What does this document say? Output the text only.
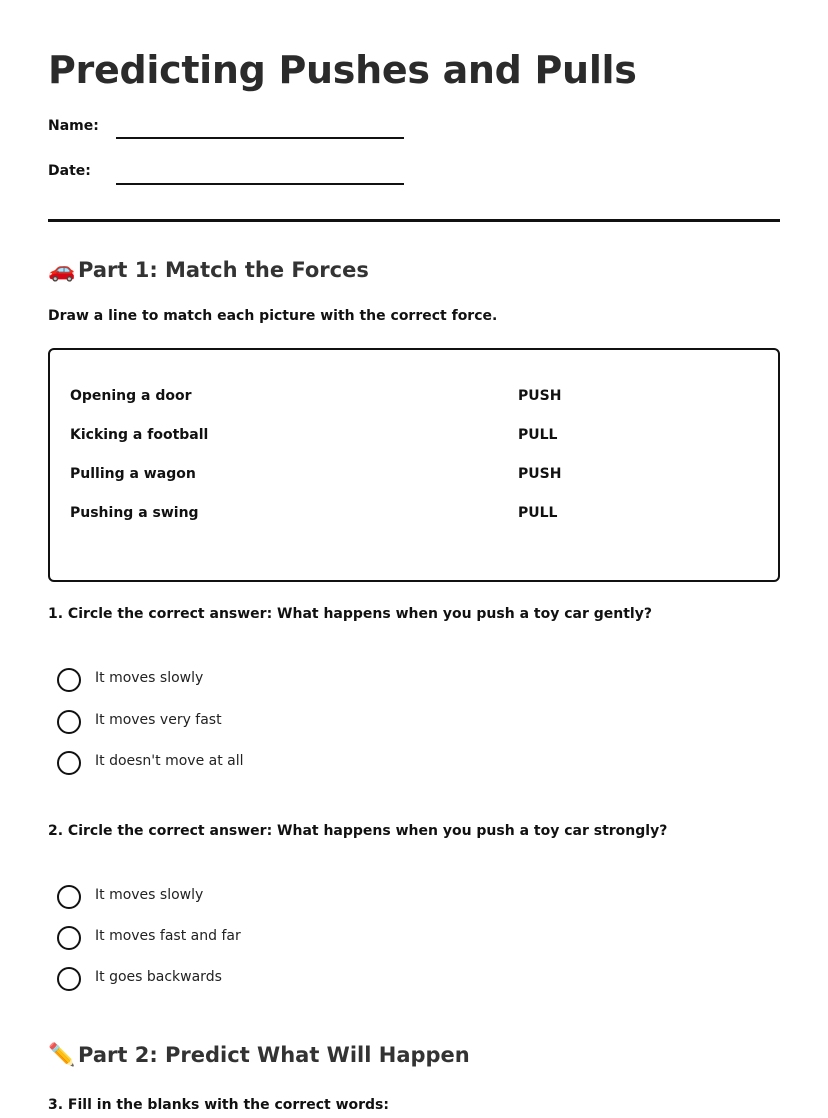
Predicting Pushes and Pulls
Name:
Date:
🚗 Part 1: Match the Forces
Draw a line to match each picture with the correct force.
Opening a door	PUSH
Kicking a football	PULL
Pulling a wagon	PUSH
Pushing a swing	PULL
1. Circle the correct answer: What happens when you push a toy car gently?
It moves slowly
It moves very fast
It doesn't move at all
2. Circle the correct answer: What happens when you push a toy car strongly?
It moves slowly
It moves fast and far
It goes backwards
✏️ Part 2: Predict What Will Happen
3. Fill in the blanks with the correct words:
